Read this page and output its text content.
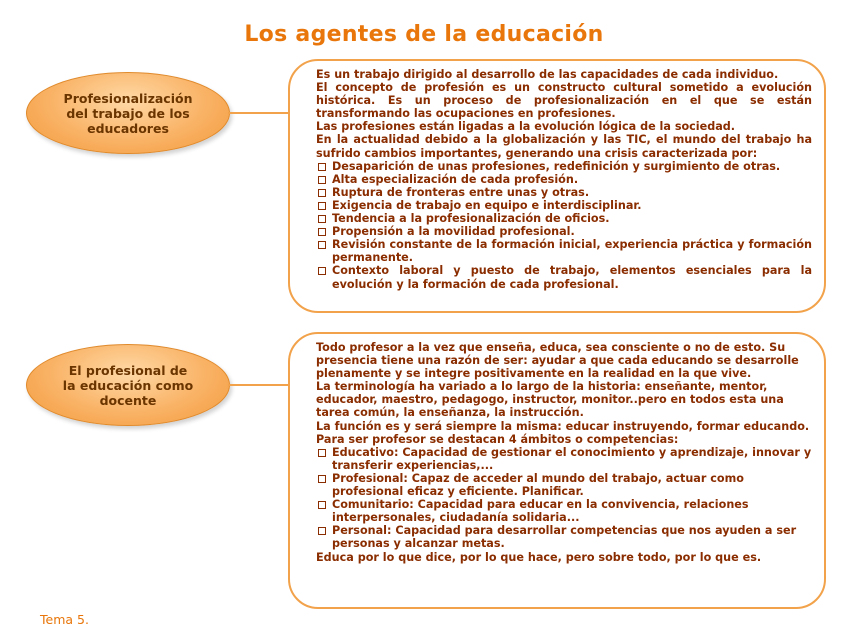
Los agentes de la educación
Profesionalización
del trabajo de los
educadores

Es un trabajo dirigido al desarrollo de las capacidades de cada individuo.

El concepto de profesión es un constructo cultural sometido a evolución histórica. Es un proceso de profesionalización en el que se están transformando las ocupaciones en profesiones.

Las profesiones están ligadas a la evolución lógica de la sociedad.

En la actualidad debido a la globalización y las TIC, el mundo del trabajo ha sufrido cambios importantes, generando una crisis caracterizada por:

Desaparición de unas profesiones, redefinición y surgimiento de otras.
Alta especialización de cada profesión.
Ruptura de fronteras entre unas y otras.
Exigencia de trabajo en equipo e interdisciplinar.
Tendencia a la profesionalización de oficios.
Propensión a la movilidad profesional.
Revisión constante de la formación inicial, experiencia práctica y formación permanente.
Contexto laboral y puesto de trabajo, elementos esenciales para la evolución y la formación de cada profesional.
El profesional de
la educación como
docente

Todo profesor a la vez que enseña, educa, sea consciente o no de esto. Su presencia tiene una razón de ser: ayudar a que cada educando se desarrolle plenamente y se integre positivamente en la realidad en la que vive.

La terminología ha variado a lo largo de la historia: enseñante, mentor, educador, maestro, pedagogo, instructor, monitor..pero en todos esta una tarea común, la enseñanza, la instrucción.

La función es y será siempre la misma: educar instruyendo, formar educando.

Para ser profesor se destacan 4 ámbitos o competencias:

Educativo: Capacidad de gestionar el conocimiento y aprendizaje, innovar y transferir experiencias,...
Profesional: Capaz de acceder al mundo del trabajo, actuar como profesional eficaz y eficiente. Planificar.
Comunitario: Capacidad para educar en la convivencia, relaciones interpersonales, ciudadanía solidaria...
Personal: Capacidad para desarrollar competencias que nos ayuden a ser personas y alcanzar metas.

Educa por lo que dice, por lo que hace, pero sobre todo, por lo que es.

Tema 5.
